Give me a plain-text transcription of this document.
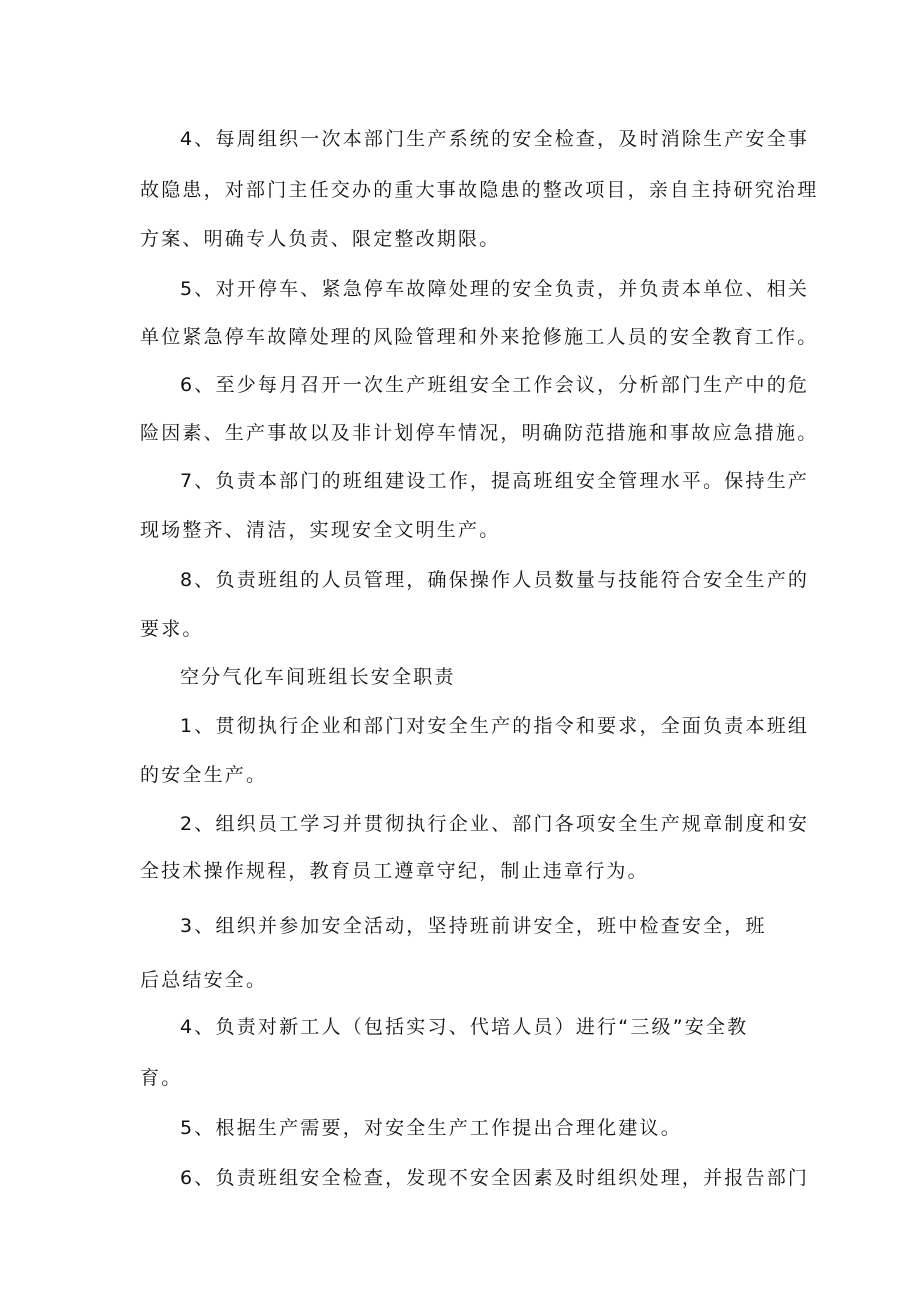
4、每周组织一次本部门生产系统的安全检查，及时消除生产安全事
故隐患，对部门主任交办的重大事故隐患的整改项目，亲自主持研究治理
方案、明确专人负责、限定整改期限。
5、对开停车、紧急停车故障处理的安全负责，并负责本单位、相关
单位紧急停车故障处理的风险管理和外来抢修施工人员的安全教育工作。
6、至少每月召开一次生产班组安全工作会议，分析部门生产中的危
险因素、生产事故以及非计划停车情况，明确防范措施和事故应急措施。
7、负责本部门的班组建设工作，提高班组安全管理水平。保持生产
现场整齐、清洁，实现安全文明生产。
8、负责班组的人员管理，确保操作人员数量与技能符合安全生产的
要求。
空分气化车间班组长安全职责
1、贯彻执行企业和部门对安全生产的指令和要求，全面负责本班组
的安全生产。
2、组织员工学习并贯彻执行企业、部门各项安全生产规章制度和安
全技术操作规程，教育员工遵章守纪，制止违章行为。
3、组织并参加安全活动，坚持班前讲安全，班中检查安全，班
后总结安全。
4、负责对新工人（包括实习、代培人员）进行“三级”安全教
育。
5、根据生产需要，对安全生产工作提出合理化建议。
6、负责班组安全检查，发现不安全因素及时组织处理，并报告部门
